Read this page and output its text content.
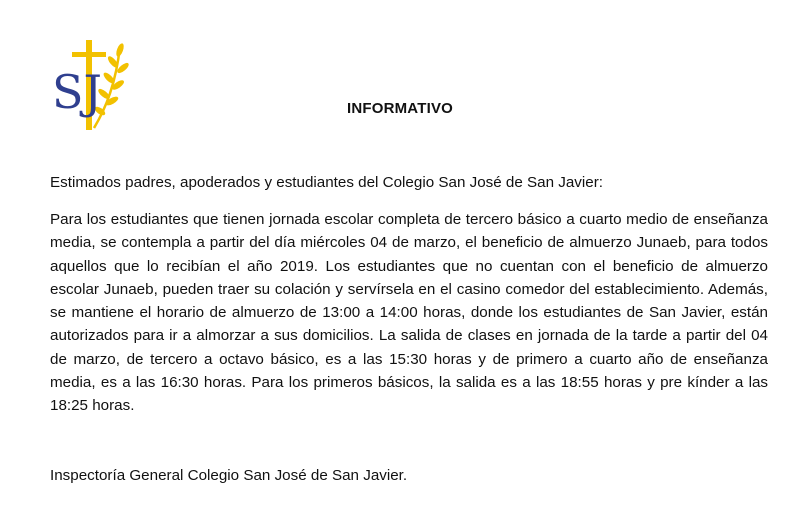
SJ	INFORMATIVO
Estimados padres, apoderados y estudiantes del Colegio San José de San Javier:
Para los estudiantes que tienen jornada escolar completa de tercero básico a cuarto medio de enseñanza media, se contempla a partir del día miércoles 04 de marzo, el beneficio de almuerzo Junaeb, para todos aquellos que lo recibían el año 2019. Los estudiantes que no cuentan con el beneficio de almuerzo escolar Junaeb, pueden traer su colación y servírsela en el casino comedor del establecimiento. Además, se mantiene el horario de almuerzo de 13:00 a 14:00 horas, donde los estudiantes de San Javier, están autorizados para ir a almorzar a sus domicilios. La salida de clases en jornada de la tarde a partir del 04 de marzo, de tercero a octavo básico, es a las 15:30 horas y de primero a cuarto año de enseñanza media, es a las 16:30 horas. Para los primeros básicos, la salida es a las 18:55 horas y pre kínder a las 18:25 horas.
Inspectoría General Colegio San José de San Javier.
